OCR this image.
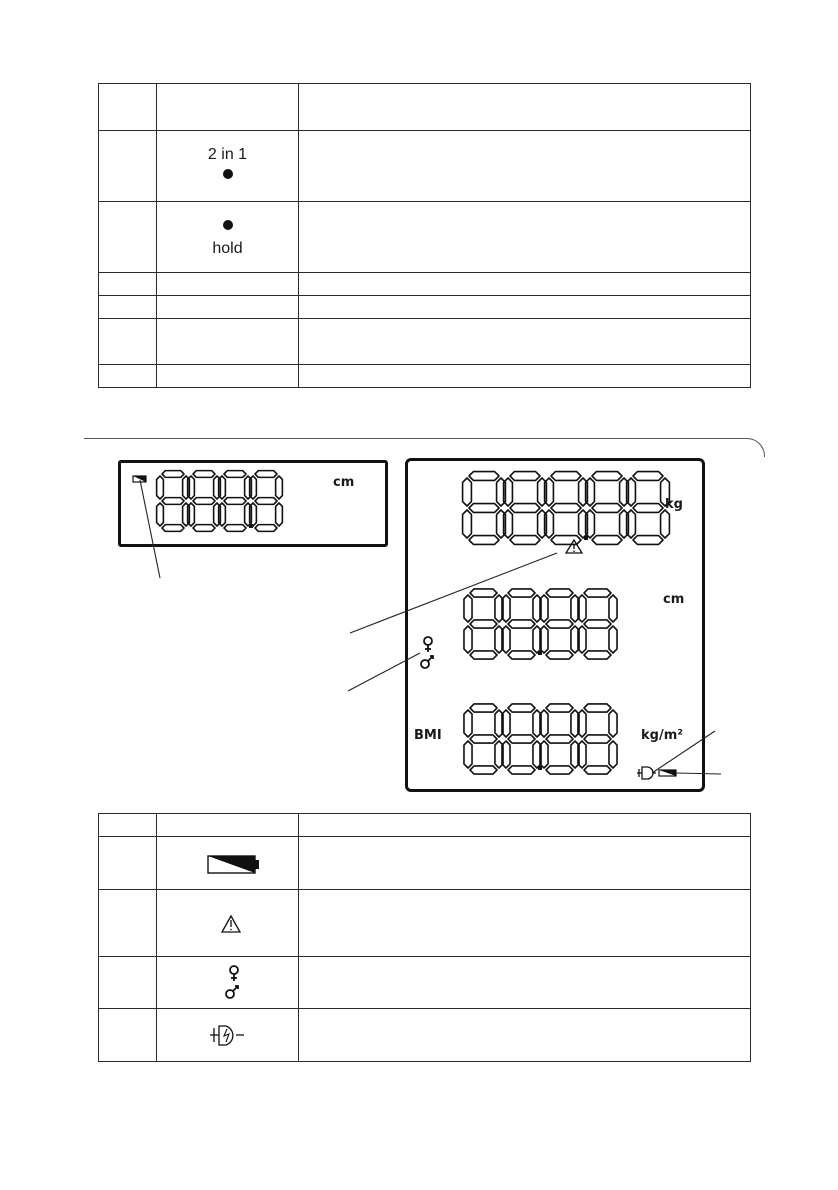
	2 in 1	

	hold	

cm
kg
cm
BMI	kg/m²
